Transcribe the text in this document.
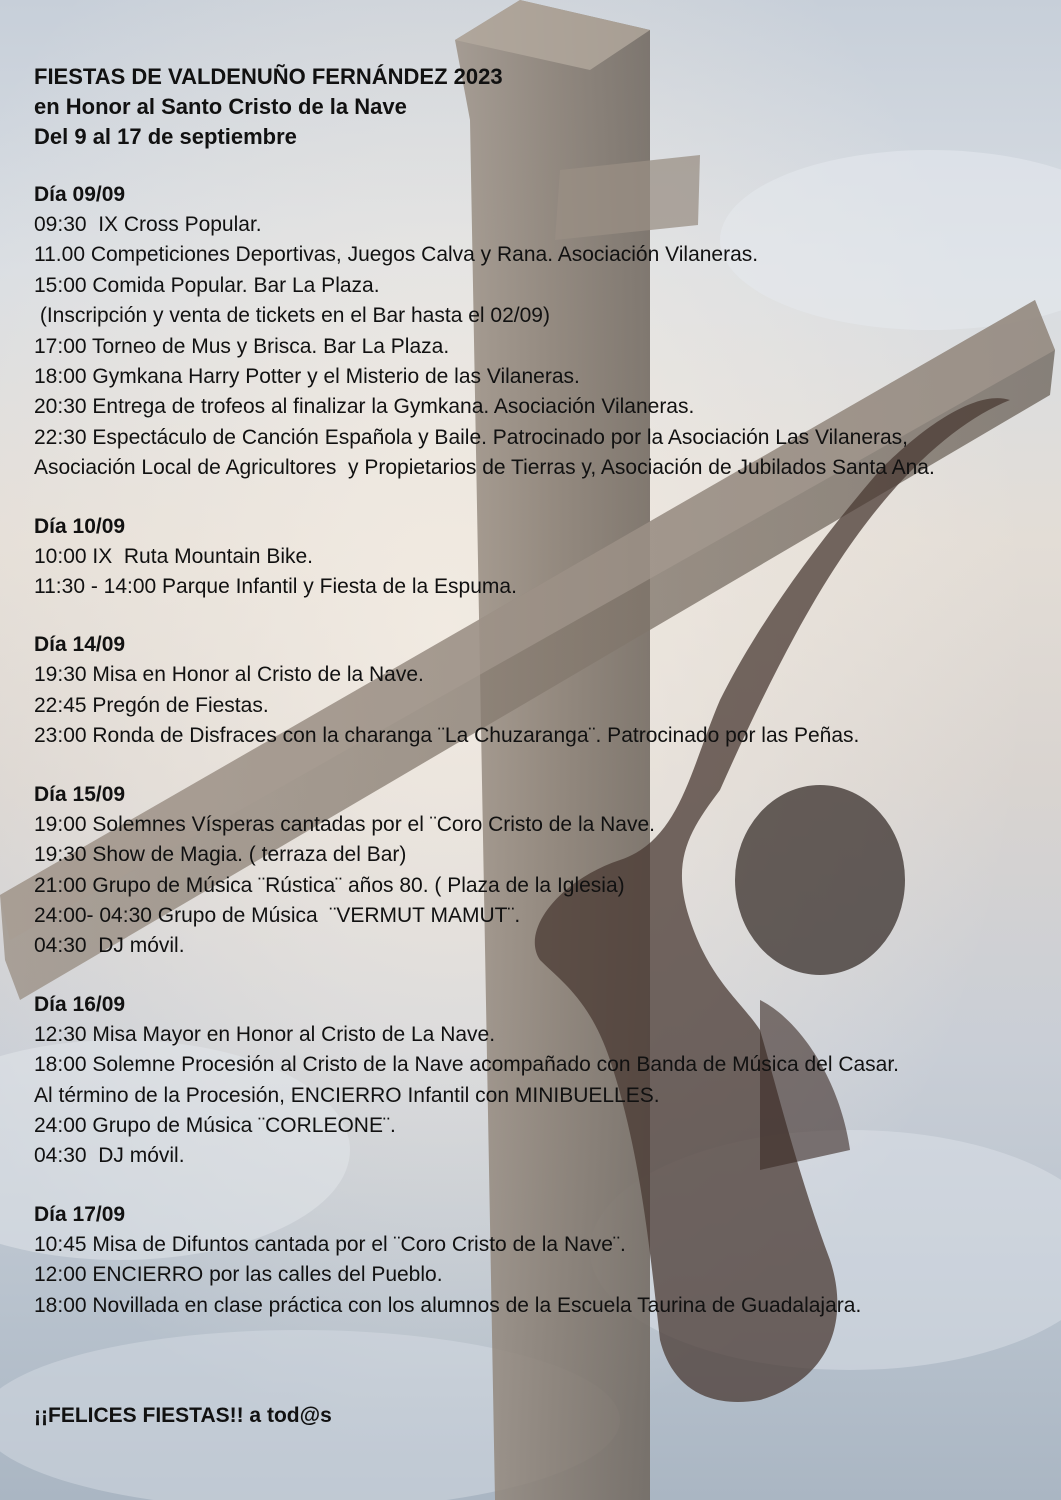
FIESTAS DE VALDENUÑO FERNÁNDEZ 2023
en Honor al Santo Cristo de la Nave
Del 9 al 17 de septiembre
Día 09/09
09:30  IX Cross Popular.
11.00 Competiciones Deportivas, Juegos Calva y Rana. Asociación Vilaneras.
15:00 Comida Popular. Bar La Plaza.
(Inscripción y venta de tickets en el Bar hasta el 02/09)
17:00 Torneo de Mus y Brisca. Bar La Plaza.
18:00 Gymkana Harry Potter y el Misterio de las Vilaneras.
20:30 Entrega de trofeos al finalizar la Gymkana. Asociación Vilaneras.
22:30 Espectáculo de Canción Española y Baile. Patrocinado por la Asociación Las Vilaneras,
Asociación Local de Agricultores  y Propietarios de Tierras y, Asociación de Jubilados Santa Ana.
Día 10/09
10:00 IX  Ruta Mountain Bike.
11:30 - 14:00 Parque Infantil y Fiesta de la Espuma.
Día 14/09
19:30 Misa en Honor al Cristo de la Nave.
22:45 Pregón de Fiestas.
23:00 Ronda de Disfraces con la charanga ¨La Chuzaranga¨. Patrocinado por las Peñas.
Día 15/09
19:00 Solemnes Vísperas cantadas por el ¨Coro Cristo de la Nave.
19:30 Show de Magia. ( terraza del Bar)
21:00 Grupo de Música ¨Rústica¨ años 80. ( Plaza de la Iglesia)
24:00- 04:30 Grupo de Música  ¨VERMUT MAMUT¨.
04:30  DJ móvil.
Día 16/09
12:30 Misa Mayor en Honor al Cristo de La Nave.
18:00 Solemne Procesión al Cristo de la Nave acompañado con Banda de Música del Casar.
Al término de la Procesión, ENCIERRO Infantil con MINIBUELLES.
24:00 Grupo de Música ¨CORLEONE¨.
04:30  DJ móvil.
Día 17/09
10:45 Misa de Difuntos cantada por el ¨Coro Cristo de la Nave¨.
12:00 ENCIERRO por las calles del Pueblo.
18:00 Novillada en clase práctica con los alumnos de la Escuela Taurina de Guadalajara.
¡¡FELICES FIESTAS!! a tod@s
